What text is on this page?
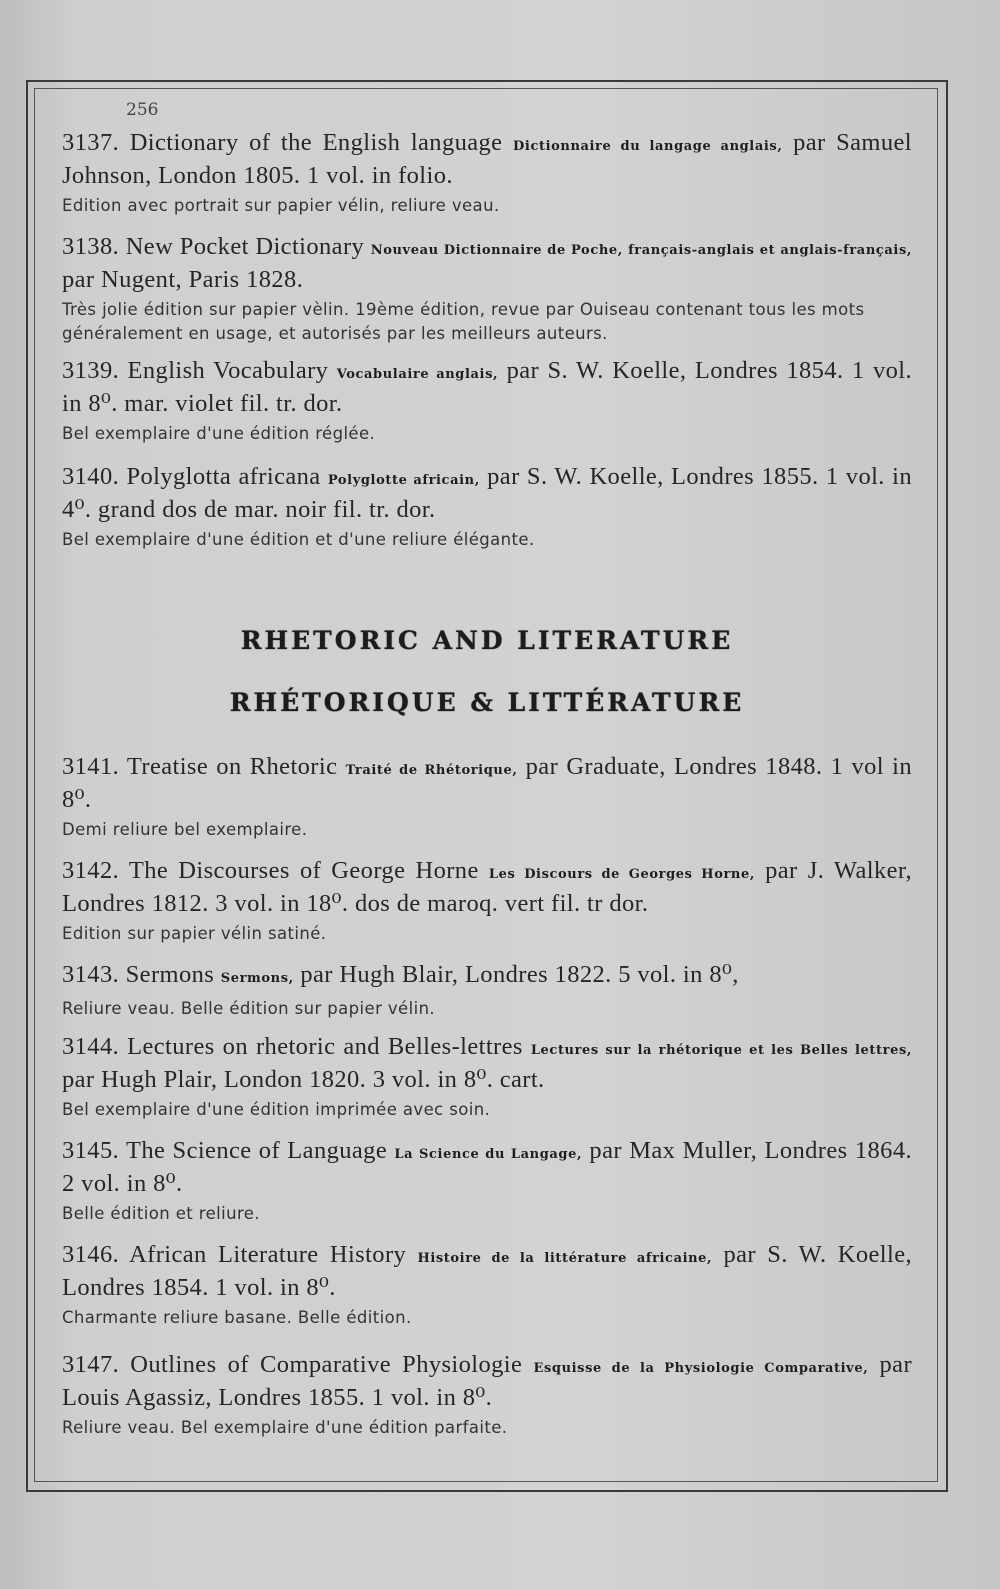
256
3137. Dictionary of the English language Dictionnaire du langage anglais, par Samuel Johnson, London 1805. 1 vol. in folio.
Edition avec portrait sur papier vélin, reliure veau.
3138. New Pocket Dictionary Nouveau Dictionnaire de Poche, français-anglais et anglais-français, par Nugent, Paris 1828.
Très jolie édition sur papier vèlin. 19ème édition, revue par Ouiseau contenant tous les mots généralement en usage, et autorisés par les meilleurs auteurs.
3139. English Vocabulary Vocabulaire anglais, par S. W. Koelle, Londres 1854. 1 vol. in 8⁰. mar. violet fil. tr. dor.
Bel exemplaire d'une édition réglée.
3140. Polyglotta africana Polyglotte africain, par S. W. Koelle, Londres 1855. 1 vol. in 4⁰. grand dos de mar. noir fil. tr. dor.
Bel exemplaire d'une édition et d'une reliure élégante.
RHETORIC AND LITERATURE
RHÉTORIQUE & LITTÉRATURE
3141. Treatise on Rhetoric Traité de Rhétorique, par Graduate, Londres 1848. 1 vol in 8⁰.
Demi reliure bel exemplaire.
3142. The Discourses of George Horne Les Discours de Georges Horne, par J. Walker, Londres 1812. 3 vol. in 18⁰. dos de maroq. vert fil. tr dor.
Edition sur papier vélin satiné.
3143. Sermons Sermons, par Hugh Blair, Londres 1822. 5 vol. in 8⁰,
Reliure veau. Belle édition sur papier vélin.
3144. Lectures on rhetoric and Belles-lettres Lectures sur la rhétorique et les Belles lettres, par Hugh Plair, London 1820. 3 vol. in 8⁰. cart.
Bel exemplaire d'une édition imprimée avec soin.
3145. The Science of Language La Science du Langage, par Max Muller, Londres 1864. 2 vol. in 8⁰.
Belle édition et reliure.
3146. African Literature History Histoire de la littérature africaine, par S. W. Koelle, Londres 1854. 1 vol. in 8⁰.
Charmante reliure basane. Belle édition.
3147. Outlines of Comparative Physiologie Esquisse de la Physiologie Comparative, par Louis Agassiz, Londres 1855. 1 vol. in 8⁰.
Reliure veau. Bel exemplaire d'une édition parfaite.
